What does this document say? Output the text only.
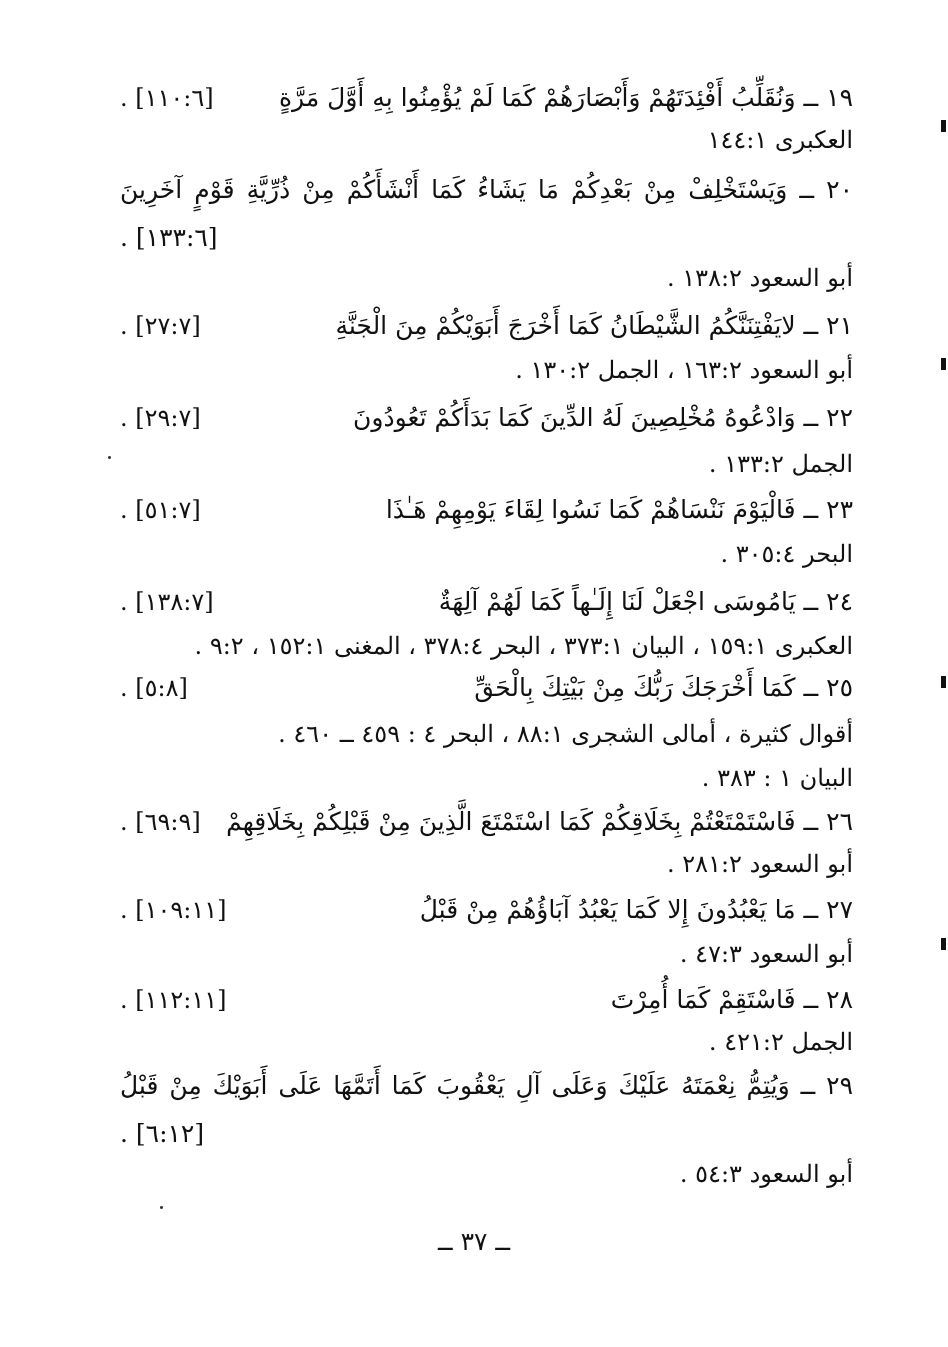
١٩ ــ وَنُقَلِّبُ أَفْئِدَتَهُمْ وَأَبْصَارَهُمْ كَمَا لَمْ يُؤْمِنُوا بِهِ أَوَّلَ مَرَّةٍ
. [١١٠:٦]
العكبرى ١٤٤:١
٢٠ ــ وَيَسْتَخْلِفْ مِنْ بَعْدِكُمْ مَا يَشَاءُ كَمَا أَنْشَأَكُمْ مِنْ ذُرِّيَّةِ قَوْمٍ آخَرِينَ
. [١٣٣:٦]
أبو السعود ١٣٨:٢ .
٢١ ــ لايَفْتِنَنَّكُمُ الشَّيْطَانُ كَمَا أَخْرَجَ أَبَوَيْكُمْ مِنَ الْجَنَّةِ
. [٢٧:٧]
أبو السعود ١٦٣:٢ ، الجمل ١٣٠:٢ .
٢٢ ــ وَادْعُوهُ مُخْلِصِينَ لَهُ الدِّينَ كَمَا بَدَأَكُمْ تَعُودُونَ
. [٢٩:٧]
الجمل ١٣٣:٢ .
٢٣ ــ فَالْيَوْمَ نَنْسَاهُمْ كَمَا نَسُوا لِقَاءَ يَوْمِهِمْ هَـٰذَا
. [٥١:٧]
البحر ٣٠٥:٤ .
٢٤ ــ يَامُوسَى اجْعَلْ لَنَا إِلَـٰهاً كَمَا لَهُمْ آلِهَةٌ
. [١٣٨:٧]
العكبرى ١٥٩:١ ، البيان ٣٧٣:١ ، البحر ٣٧٨:٤ ، المغنى ١٥٢:١ ، ٩:٢ .
٢٥ ــ كَمَا أَخْرَجَكَ رَبُّكَ مِنْ بَيْتِكَ بِالْحَقِّ
. [٥:٨]
أقوال كثيرة ، أمالى الشجرى ٨٨:١ ، البحر ٤ : ٤٥٩ ــ ٤٦٠ .
البيان ١ : ٣٨٣ .
٢٦ ــ فَاسْتَمْتَعْتُمْ بِخَلَاقِكُمْ كَمَا اسْتَمْتَعَ الَّذِينَ مِنْ قَبْلِكُمْ بِخَلَاقِهِمْ
. [٦٩:٩]
أبو السعود ٢٨١:٢ .
٢٧ ــ مَا يَعْبُدُونَ إِلا كَمَا يَعْبُدُ آبَاؤُهُمْ مِنْ قَبْلُ
. [١٠٩:١١]
أبو السعود ٤٧:٣ .
٢٨ ــ فَاسْتَقِمْ كَمَا أُمِرْتَ
. [١١٢:١١]
الجمل ٤٢١:٢ .
٢٩ ــ وَيُتِمُّ نِعْمَتَهُ عَلَيْكَ وَعَلَى آلِ يَعْقُوبَ كَمَا أَتَمَّهَا عَلَى أَبَوَيْكَ مِنْ قَبْلُ
. [٦:١٢]
أبو السعود ٥٤:٣ .
ــ ٣٧ ــ
